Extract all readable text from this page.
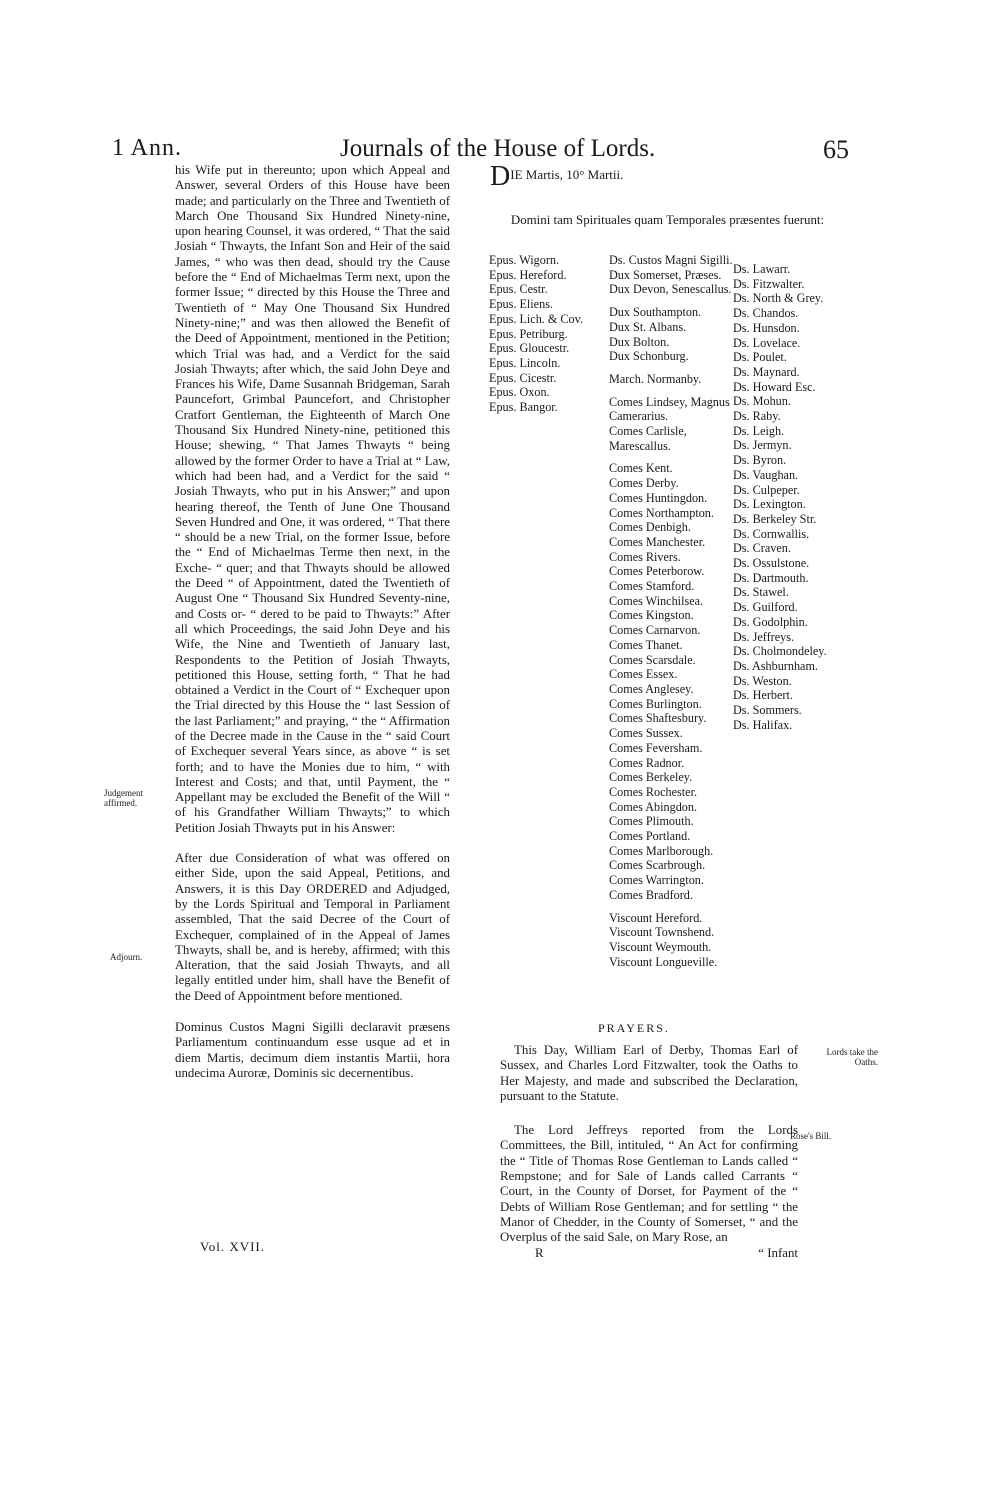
1 Ann.	Journals of the House of Lords.	65

his Wife put in thereunto; upon which Appeal and Answer, several Orders of this House have been made; and particularly on the Three and Twentieth of March One Thousand Six Hundred Ninety-nine, upon hearing Counsel, it was ordered, “ That the said Josiah “ Thwayts, the Infant Son and Heir of the said James, “ who was then dead, should try the Cause before the “ End of Michaelmas Term next, upon the former Issue; “ directed by this House the Three and Twentieth of “ May One Thousand Six Hundred Ninety-nine;” and was then allowed the Benefit of the Deed of Appointment, mentioned in the Petition; which Trial was had, and a Verdict for the said Josiah Thwayts; after which, the said John Deye and Frances his Wife, Dame Susannah Bridgeman, Sarah Pauncefort, Grimbal Pauncefort, and Christopher Cratfort Gentleman, the Eighteenth of March One Thousand Six Hundred Ninety-nine, petitioned this House; shewing, “ That James Thwayts “ being allowed by the former Order to have a Trial at “ Law, which had been had, and a Verdict for the said “ Josiah Thwayts, who put in his Answer;” and upon hearing thereof, the Tenth of June One Thousand Seven Hundred and One, it was ordered, “ That there “ should be a new Trial, on the former Issue, before the “ End of Michaelmas Terme then next, in the Exche- “ quer; and that Thwayts should be allowed the Deed “ of Appointment, dated the Twentieth of August One “ Thousand Six Hundred Seventy-nine, and Costs or- “ dered to be paid to Thwayts:” After all which Proceedings, the said John Deye and his Wife, the Nine and Twentieth of January last, Respondents to the Petition of Josiah Thwayts, petitioned this House, setting forth, “ That he had obtained a Verdict in the Court of “ Exchequer upon the Trial directed by this House the “ last Session of the last Parliament;” and praying, “ the “ Affirmation of the Decree made in the Cause in the “ said Court of Exchequer several Years since, as above “ is set forth; and to have the Monies due to him, “ with Interest and Costs; and that, until Payment, the “ Appellant may be excluded the Benefit of the Will “ of his Grandfather William Thwayts;” to which Petition Josiah Thwayts put in his Answer:

After due Consideration of what was offered on either Side, upon the said Appeal, Petitions, and Answers, it is this Day ORDERED and Adjudged, by the Lords Spiritual and Temporal in Parliament assembled, That the said Decree of the Court of Exchequer, complained of in the Appeal of James Thwayts, shall be, and is hereby, affirmed; with this Alteration, that the said Josiah Thwayts, and all legally entitled under him, shall have the Benefit of the Deed of Appointment before mentioned.

Dominus Custos Magni Sigilli declaravit præsens Parliamentum continuandum esse usque ad et in diem Martis, decimum diem instantis Martii, hora undecima Auroræ, Dominis sic decernentibus.

Judgement affirmed.
Adjourn.
Lords take the Oaths.
Rose's Bill.
Vol. XVII.
DIE Martis, 10° Martii.
Domini tam Spirituales quam Temporales præsentes fuerunt:
Epus. Wigorn.
Epus. Hereford.
Epus. Cestr.
Epus. Eliens.
Epus. Lich. & Cov.
Epus. Petriburg.
Epus. Gloucestr.
Epus. Lincoln.
Epus. Cicestr.
Epus. Oxon.
Epus. Bangor.
Ds. Custos Magni Sigilli.
Dux Somerset, Præses.
Dux Devon, Senescallus.
Dux Southampton.
Dux St. Albans.
Dux Bolton.
Dux Schonburg.
March. Normanby.
Comes Lindsey, Magnus Camerarius.
Comes Carlisle, Marescallus.
Comes Kent.
Comes Derby.
Comes Huntingdon.
Comes Northampton.
Comes Denbigh.
Comes Manchester.
Comes Rivers.
Comes Peterborow.
Comes Stamford.
Comes Winchilsea.
Comes Kingston.
Comes Carnarvon.
Comes Thanet.
Comes Scarsdale.
Comes Essex.
Comes Anglesey.
Comes Burlington.
Comes Shaftesbury.
Comes Sussex.
Comes Feversham.
Comes Radnor.
Comes Berkeley.
Comes Rochester.
Comes Abingdon.
Comes Plimouth.
Comes Portland.
Comes Marlborough.
Comes Scarbrough.
Comes Warrington.
Comes Bradford.
Viscount Hereford.
Viscount Townshend.
Viscount Weymouth.
Viscount Longueville.
Ds. Lawarr.
Ds. Fitzwalter.
Ds. North & Grey.
Ds. Chandos.
Ds. Hunsdon.
Ds. Lovelace.
Ds. Poulet.
Ds. Maynard.
Ds. Howard Esc.
Ds. Mohun.
Ds. Raby.
Ds. Leigh.
Ds. Jermyn.
Ds. Byron.
Ds. Vaughan.
Ds. Culpeper.
Ds. Lexington.
Ds. Berkeley Str.
Ds. Cornwallis.
Ds. Craven.
Ds. Ossulstone.
Ds. Dartmouth.
Ds. Stawel.
Ds. Guilford.
Ds. Godolphin.
Ds. Jeffreys.
Ds. Cholmondeley.
Ds. Ashburnham.
Ds. Weston.
Ds. Herbert.
Ds. Sommers.
Ds. Halifax.
PRAYERS.

This Day, William Earl of Derby, Thomas Earl of Sussex, and Charles Lord Fitzwalter, took the Oaths to Her Majesty, and made and subscribed the Declaration, pursuant to the Statute.

The Lord Jeffreys reported from the Lords Committees, the Bill, intituled, “ An Act for confirming the “ Title of Thomas Rose Gentleman to Lands called “ Rempstone; and for Sale of Lands called Carrants “ Court, in the County of Dorset, for Payment of the “ Debts of William Rose Gentleman; and for settling “ the Manor of Chedder, in the County of Somerset, “ and the Overplus of the said Sale, on Mary Rose, an

R	“ Infant
